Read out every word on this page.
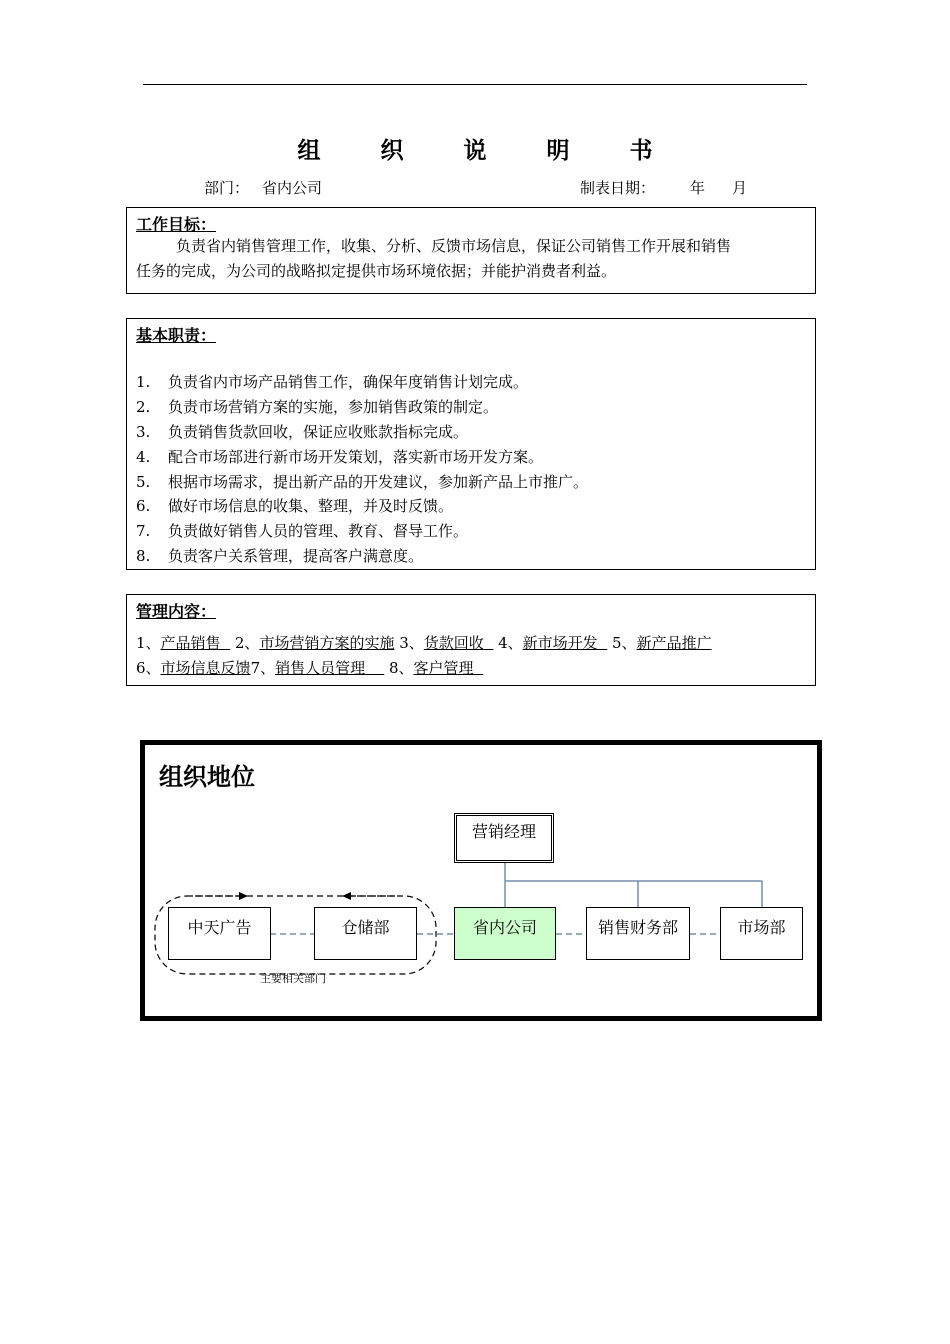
组 织 说 明 书
部门： 省内公司	制表日期： 年 月
工作目标：
负责省内销售管理工作，收集、分析、反馈市场信息，保证公司销售工作开展和销售
任务的完成，为公司的战略拟定提供市场环境依据；并能护消费者利益。
基本职责：
1. 负责省内市场产品销售工作，确保年度销售计划完成。
2. 负责市场营销方案的实施，参加销售政策的制定。
3. 负责销售货款回收，保证应收账款指标完成。
4. 配合市场部进行新市场开发策划，落实新市场开发方案。
5. 根据市场需求，提出新产品的开发建议，参加新产品上市推广。
6. 做好市场信息的收集、整理，并及时反馈。
7. 负责做好销售人员的管理、教育、督导工作。
8. 负责客户关系管理，提高客户满意度。
管理内容：
1、产品销售 2、市场营销方案的实施 3、货款回收 4、新市场开发 5、新产品推广
6、市场信息反馈7、销售人员管理 8、客户管理
组织地位
营销经理
中天广告	仓储部	省内公司	销售财务部	市场部
主要相关部门
